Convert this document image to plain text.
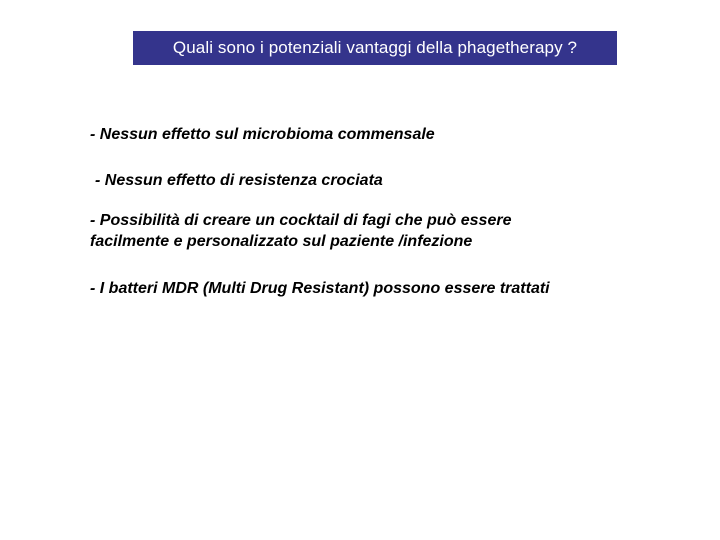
Quali sono i potenziali vantaggi della phagetherapy ?
- Nessun effetto sul microbioma commensale
- Nessun effetto di resistenza crociata
- Possibilità di creare un cocktail di fagi che può essere
facilmente e personalizzato sul paziente /infezione
- I batteri MDR (Multi Drug Resistant) possono essere trattati
